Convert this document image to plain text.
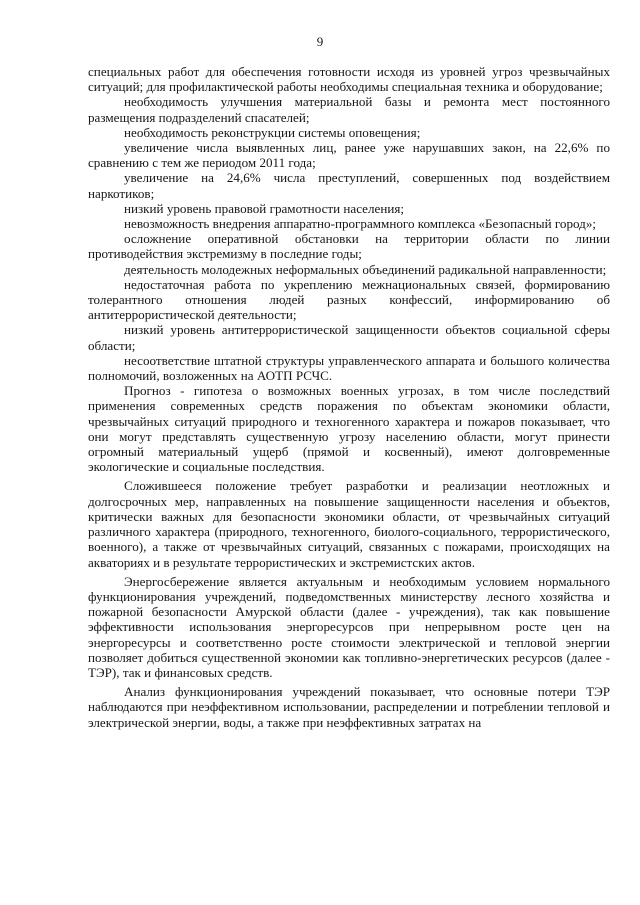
9

специальных работ для обеспечения готовности исходя из уровней угроз чрезвычайных ситуаций; для профилактической работы необходимы специальная техника и оборудование;

необходимость улучшения материальной базы и ремонта мест постоянного размещения подразделений спасателей;

необходимость реконструкции системы оповещения;

увеличение числа выявленных лиц, ранее уже нарушавших закон, на 22,6% по сравнению с тем же периодом 2011 года;

увеличение на 24,6% числа преступлений, совершенных под воздействием наркотиков;

низкий уровень правовой грамотности населения;

невозможность внедрения аппаратно-программного комплекса «Безопасный город»;

осложнение оперативной обстановки на территории области по линии противодействия экстремизму в последние годы;

деятельность молодежных неформальных объединений радикальной направленности;

недостаточная работа по укреплению межнациональных связей, формированию толерантного отношения людей разных конфессий, информированию об антитеррористической деятельности;

низкий уровень антитеррористической защищенности объектов социальной сферы области;

несоответствие штатной структуры управленческого аппарата и большого количества полномочий, возложенных на АОТП РСЧС.

Прогноз - гипотеза о возможных военных угрозах, в том числе последствий применения современных средств поражения по объектам экономики области, чрезвычайных ситуаций природного и техногенного характера и пожаров показывает, что они могут представлять существенную угрозу населению области, могут принести огромный материальный ущерб (прямой и косвенный), имеют долговременные экологические и социальные последствия.

Сложившееся положение требует разработки и реализации неотложных и долгосрочных мер, направленных на повышение защищенности населения и объектов, критически важных для безопасности экономики области, от чрезвычайных ситуаций различного характера (природного, техногенного, биолого-социального, террористического, военного), а также от чрезвычайных ситуаций, связанных с пожарами, происходящих на акваториях и в результате террористических и экстремистских актов.

Энергосбережение является актуальным и необходимым условием нормального функционирования учреждений, подведомственных министерству лесного хозяйства и пожарной безопасности Амурской области (далее - учреждения), так как повышение эффективности использования энергоресурсов при непрерывном росте цен на энергоресурсы и соответственно росте стоимости электрической и тепловой энергии позволяет добиться существенной экономии как топливно-энергетических ресурсов (далее - ТЭР), так и финансовых средств.

Анализ функционирования учреждений показывает, что основные потери ТЭР наблюдаются при неэффективном использовании, распределении и потреблении тепловой и электрической энергии, воды, а также при неэффективных затратах на
